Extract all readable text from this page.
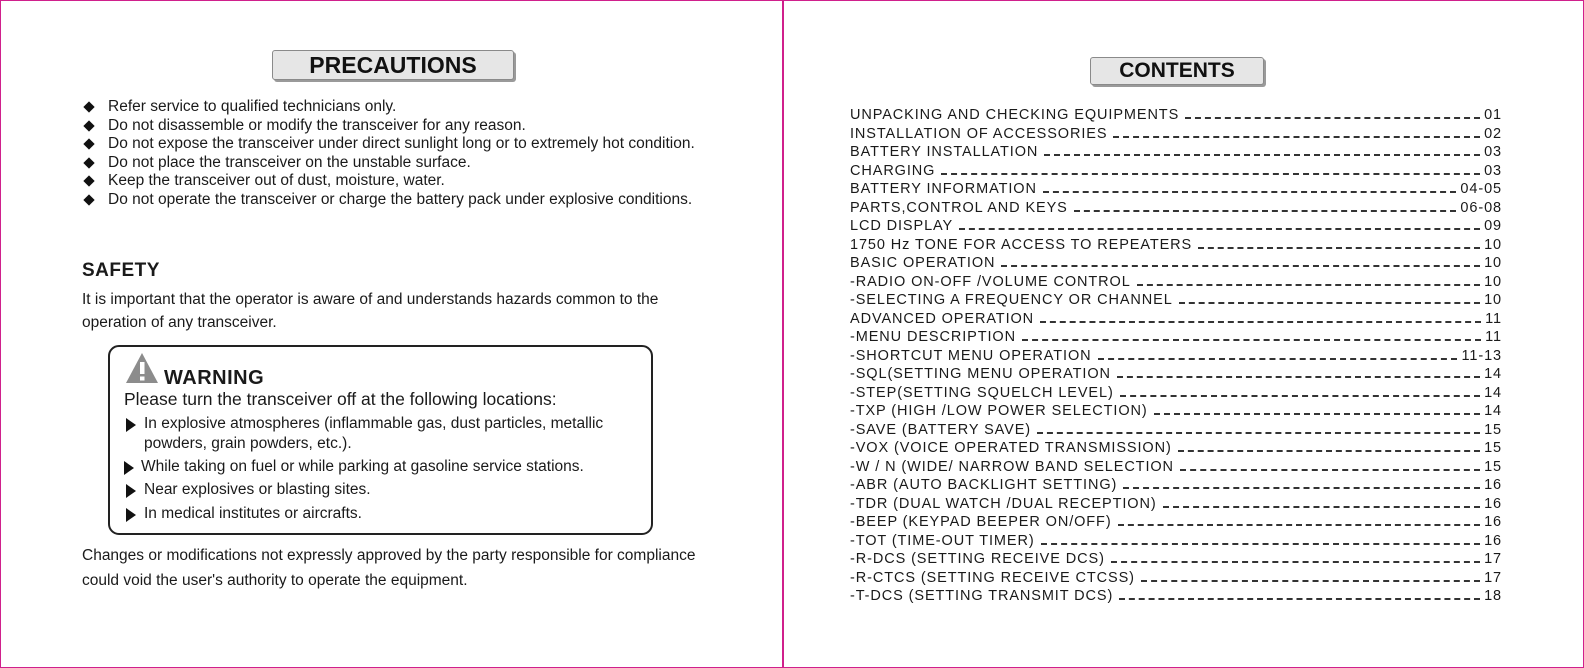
PRECAUTIONS
Refer service to qualified technicians only.
Do not disassemble or modify the transceiver for any reason.
Do not expose the transceiver under direct sunlight long or to extremely hot condition.
Do not place the transceiver on the unstable surface.
Keep the transceiver out of dust, moisture, water.
Do not operate the transceiver or charge the battery pack under explosive conditions.
SAFETY

It is important that the operator is aware of and understands hazards common to the operation of any transceiver.

WARNING
Please turn the transceiver off at the following locations:
In explosive atmospheres (inflammable gas, dust particles, metallic
powders, grain powders, etc.).
While taking on fuel or while parking at gasoline service stations.
Near explosives or blasting sites.
In medical institutes or aircrafts.

Changes or modifications not expressly approved by the party responsible for compliance could void the user's authority to operate the equipment.

CONTENTS
UNPACKING AND CHECKING EQUIPMENTS	01
INSTALLATION OF ACCESSORIES	02
BATTERY INSTALLATION	03
CHARGING	03
BATTERY INFORMATION	04-05
PARTS,CONTROL AND KEYS	06-08
LCD DISPLAY	09
1750 Hz TONE FOR ACCESS TO REPEATERS	10
BASIC OPERATION	10
-RADIO ON-OFF /VOLUME CONTROL	10
-SELECTING A FREQUENCY OR CHANNEL	10
ADVANCED OPERATION	11
-MENU DESCRIPTION	11
-SHORTCUT MENU OPERATION	11-13
-SQL(SETTING MENU OPERATION	14
-STEP(SETTING SQUELCH LEVEL)	14
-TXP (HIGH /LOW POWER SELECTION)	14
-SAVE (BATTERY SAVE)	15
-VOX (VOICE OPERATED TRANSMISSION)	15
-W / N (WIDE/ NARROW BAND SELECTION	15
-ABR (AUTO BACKLIGHT SETTING)	16
-TDR (DUAL WATCH /DUAL RECEPTION)	16
-BEEP (KEYPAD BEEPER ON/OFF)	16
-TOT (TIME-OUT TIMER)	16
-R-DCS (SETTING RECEIVE DCS)	17
-R-CTCS (SETTING RECEIVE CTCSS)	17
-T-DCS (SETTING TRANSMIT DCS)	18
